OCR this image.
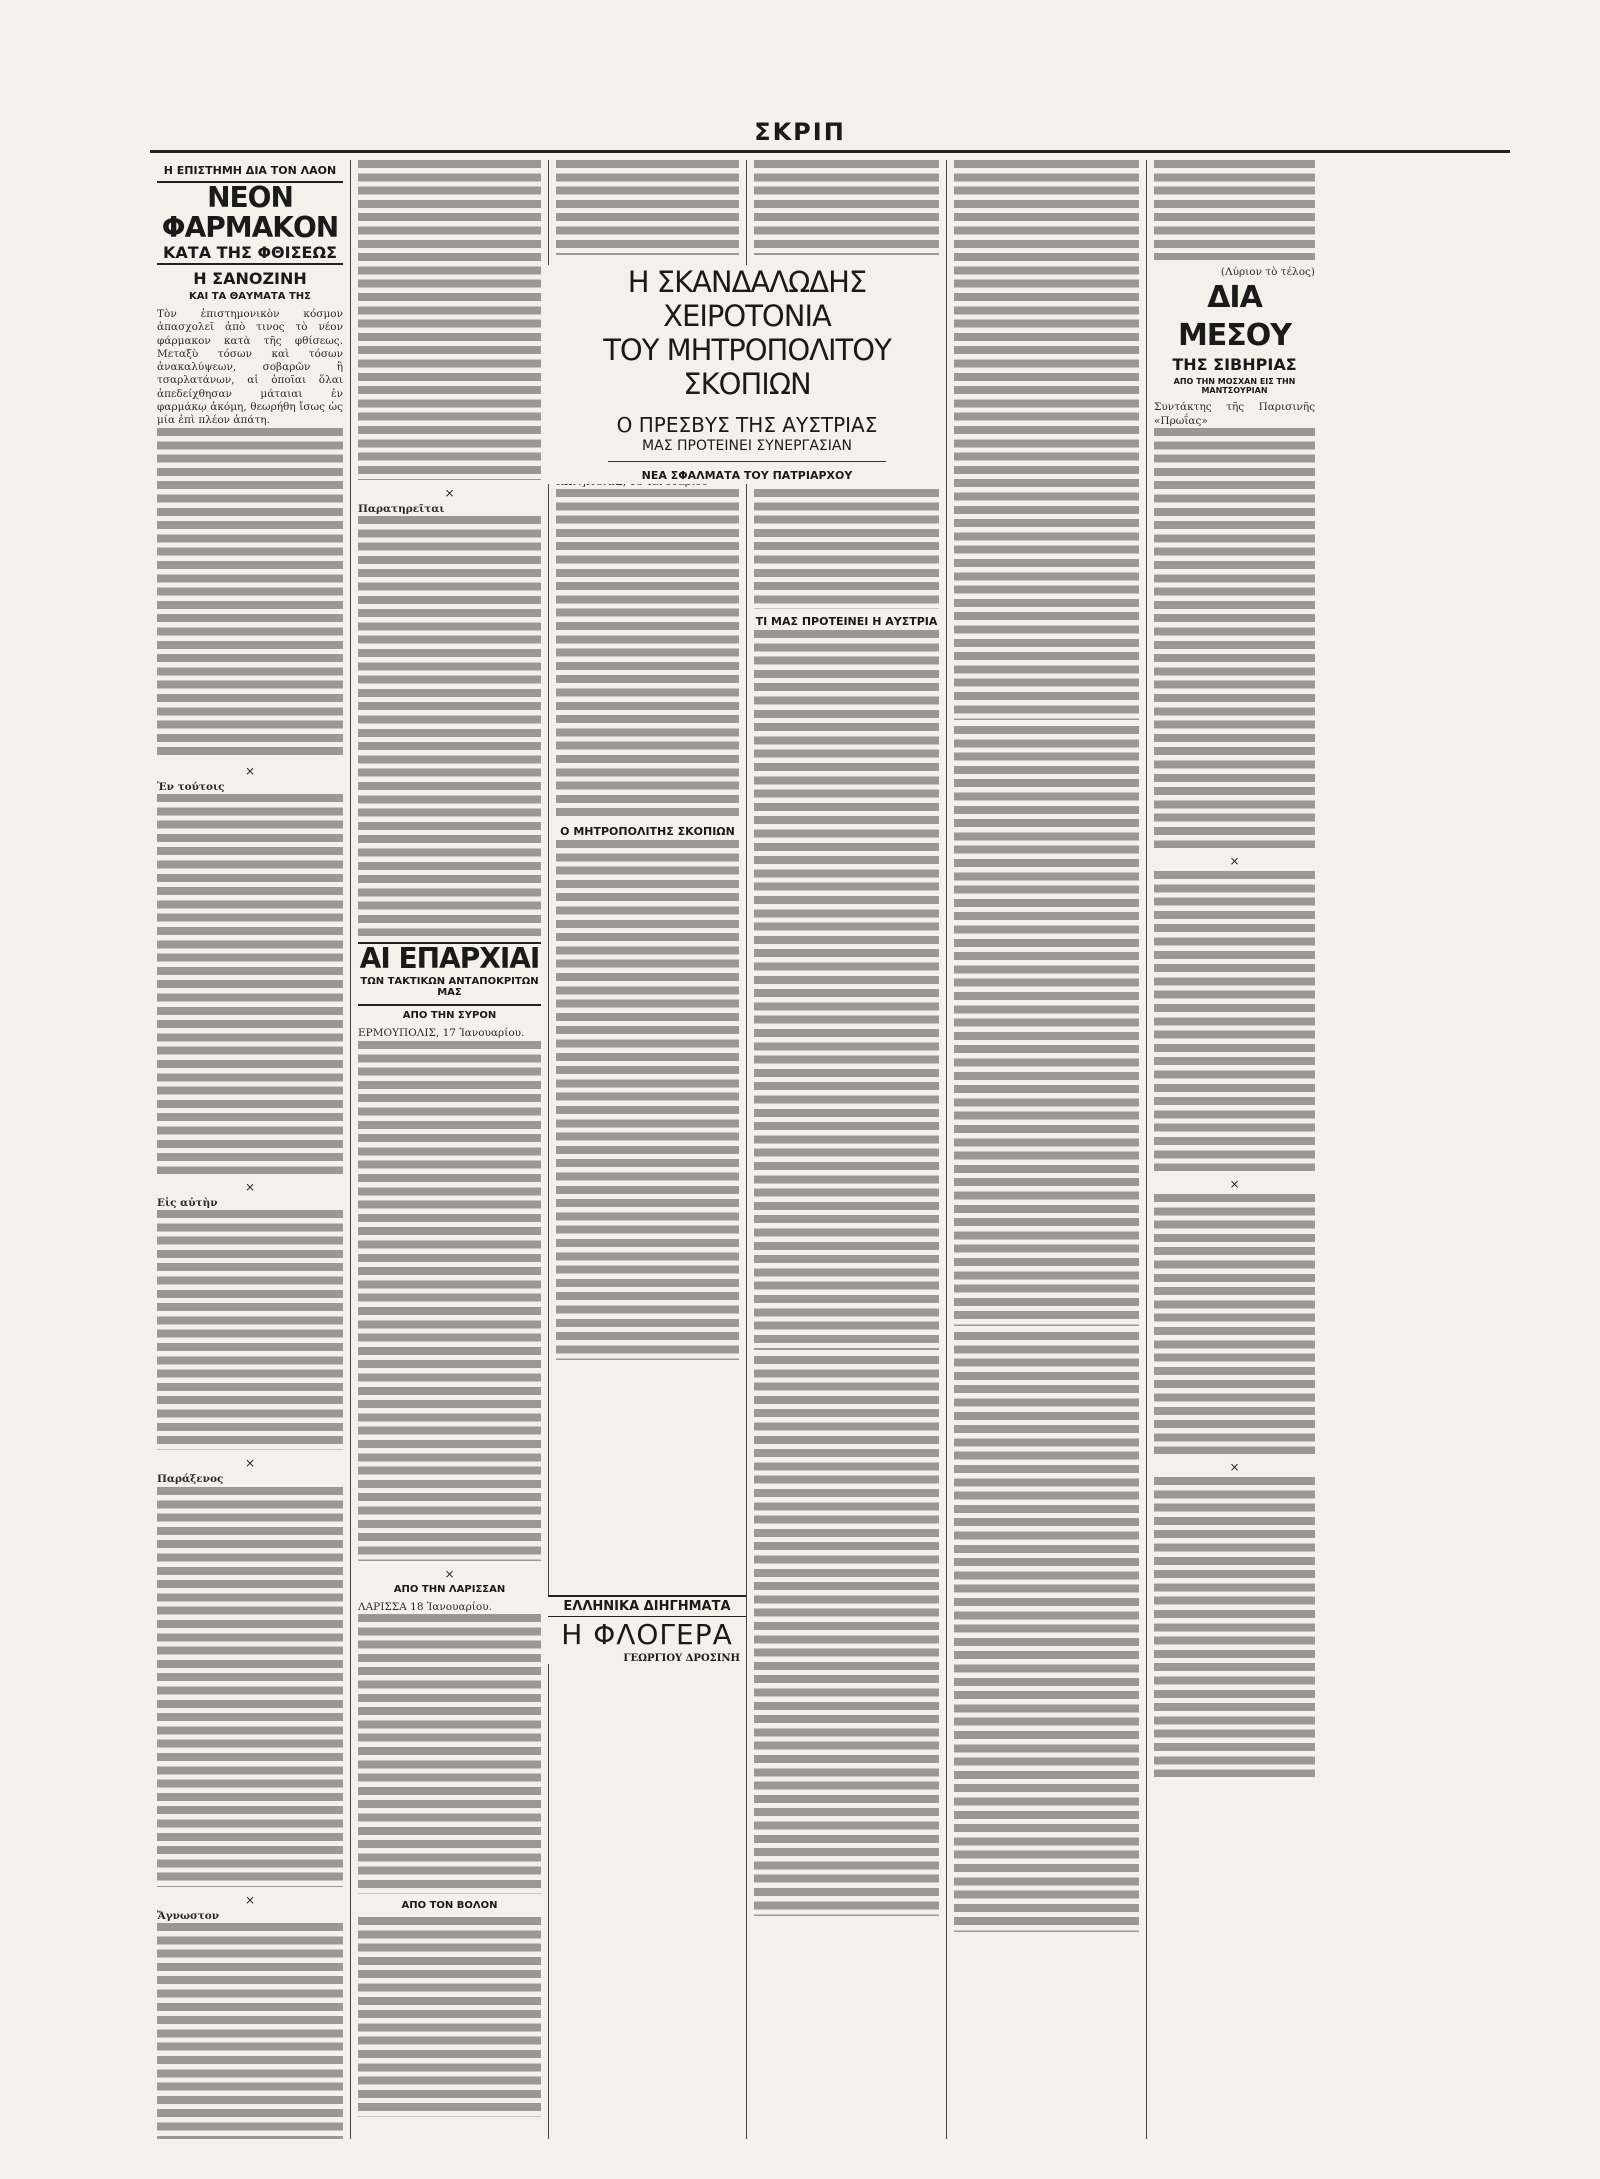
ΣΚΡΙΠ
Η ΣΚΑΝΔΑΛΩΔΗΣ ΧΕΙΡΟΤΟΝΙΑ
ΤΟΥ ΜΗΤΡΟΠΟΛΙΤΟΥ ΣΚΟΠΙΩΝ
Ο ΠΡΕΣΒΥΣ ΤΗΣ ΑΥΣΤΡΙΑΣ
ΜΑΣ ΠΡΟΤΕΙΝΕΙ ΣΥΝΕΡΓΑΣΙΑΝ
ΝΕΑ ΣΦΑΛΜΑΤΑ ΤΟΥ ΠΑΤΡΙΑΡΧΟΥ
ΕΛΛΗΝΙΚΑ ΔΙΗΓΗΜΑΤΑ
Η ΦΛΟΓΕΡΑ
ΓΕΩΡΓΙΟΥ ΔΡΟΣΙΝΗ
Η ΕΠΙΣΤΗΜΗ ΔΙΑ ΤΟΝ ΛΑΟΝ
ΝΕΟΝ ΦΑΡΜΑΚΟΝ
ΚΑΤΑ ΤΗΣ ΦΘΙΣΕΩΣ
Η ΣΑΝΟΖΙΝΗ
ΚΑΙ ΤΑ ΘΑΥΜΑΤΑ ΤΗΣ
Τὸν ἐπιστημονικὸν κόσμον ἀπασχολεῖ ἀπὸ τινος τὸ νέον φάρμακον κατὰ τῆς φθίσεως. Μεταξὺ τόσων καὶ τόσων ἀνακαλύψεων, σοβαρῶν ἢ τσαρλατάνων, αἱ ὁποῖαι ὅλαι ἀπεδείχθησαν μάταιαι ἐν φαρμάκῳ ἀκόμη, θεωρήθη ἴσως ὡς μία ἐπὶ πλέον ἀπάτη.
×
Ἐν τούτοις
×
Εἰς αὐτὴν
×
Παράξενος
×
Ἄγνωστον
×
Παρατηρεῖται
ΑΙ ΕΠΑΡΧΙΑΙ
ΤΩΝ ΤΑΚΤΙΚΩΝ ΑΝΤΑΠΟΚΡΙΤΩΝ ΜΑΣ
ΑΠΟ ΤΗΝ ΣΥΡΟΝ
ΕΡΜΟΥΠΟΛΙΣ, 17 Ἰανουαρίου.
×
ΑΠΟ ΤΗΝ ΛΑΡΙΣΣΑΝ
ΛΑΡΙΣΣΑ 18 Ἰανουαρίου.
ΑΠΟ ΤΟΝ ΒΟΛΟΝ
Ο ΜΗΤΡΟΠΟΛΙΤΗΣ ΣΚΟΠΙΩΝ
ΤΙ ΜΑΣ ΠΡΟΤΕΙΝΕΙ Η ΑΥΣΤΡΙΑ
(Λύριον τὸ τέλος)
ΔΙΑ ΜΕΣΟΥ
ΤΗΣ ΣΙΒΗΡΙΑΣ
ΑΠΟ ΤΗΝ ΜΟΣΧΑΝ ΕΙΣ ΤΗΝ ΜΑΝΤΣΟΥΡΙΑΝ
Συντάκτης τῆς Παρισινῆς «Πρωΐας»
×
×
×
